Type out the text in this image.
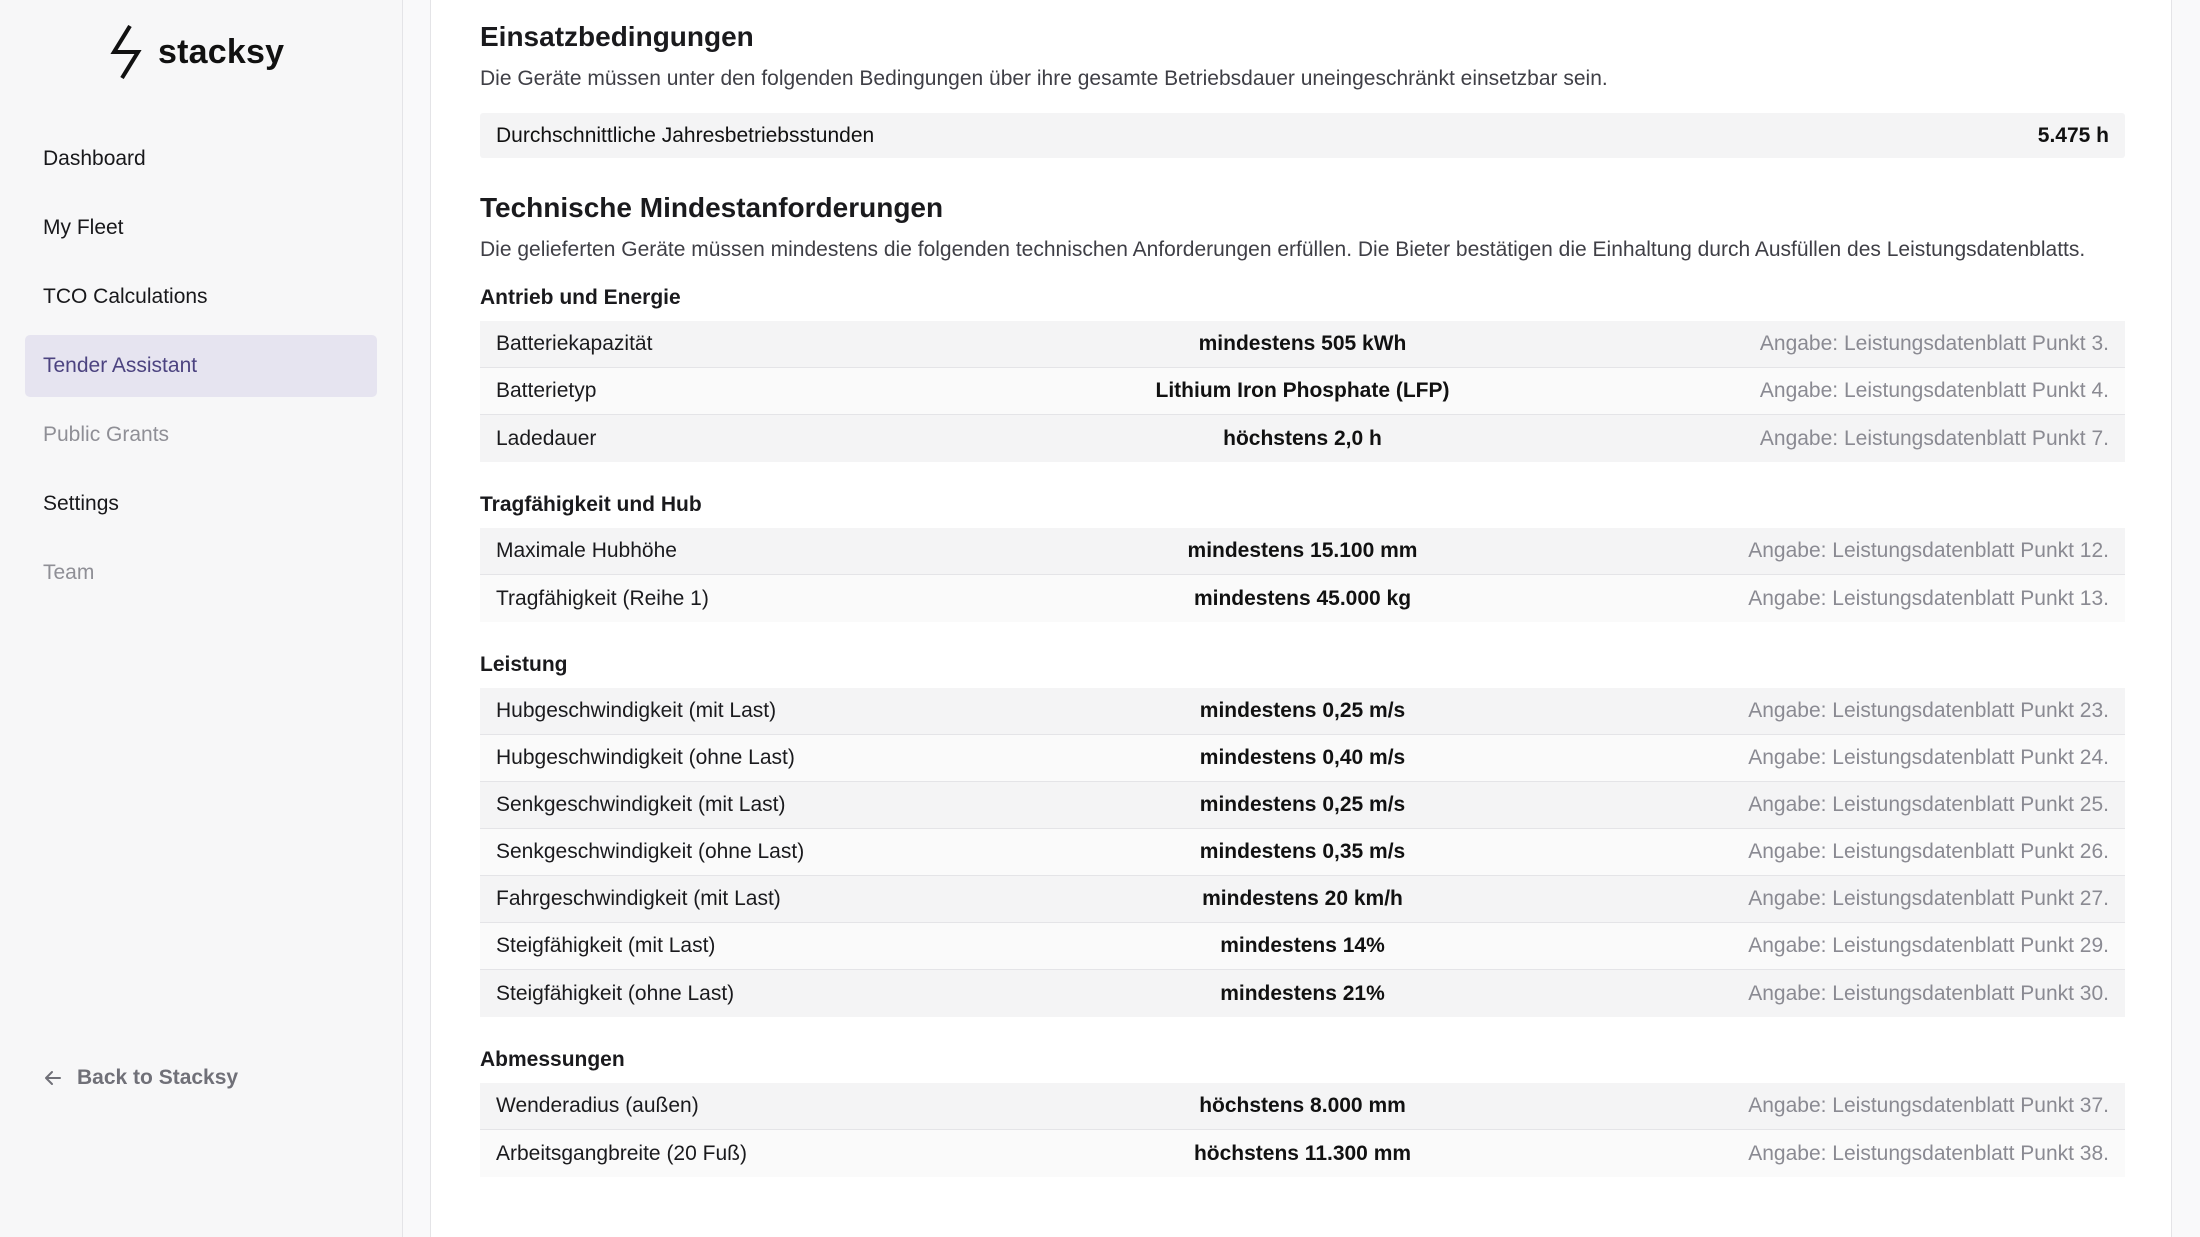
stacksy
Dashboard
My Fleet
TCO Calculations
Tender Assistant
Public Grants
Settings
Team
Back to Stacksy
Einsatzbedingungen

Die Geräte müssen unter den folgenden Bedingungen über ihre gesamte Betriebsdauer uneingeschränkt einsetzbar sein.

Durchschnittliche Jahresbetriebsstunden	5.475 h
Technische Mindestanforderungen

Die gelieferten Geräte müssen mindestens die folgenden technischen Anforderungen erfüllen. Die Bieter bestätigen die Einhaltung durch Ausfüllen des Leistungsdatenblatts.

Antrieb und Energie
Batteriekapazität	mindestens 505 kWh	Angabe: Leistungsdatenblatt Punkt 3.
Batterietyp	Lithium Iron Phosphate (LFP)	Angabe: Leistungsdatenblatt Punkt 4.
Ladedauer	höchstens 2,0 h	Angabe: Leistungsdatenblatt Punkt 7.
Tragfähigkeit und Hub
Maximale Hubhöhe	mindestens 15.100 mm	Angabe: Leistungsdatenblatt Punkt 12.
Tragfähigkeit (Reihe 1)	mindestens 45.000 kg	Angabe: Leistungsdatenblatt Punkt 13.
Leistung
Hubgeschwindigkeit (mit Last)	mindestens 0,25 m/s	Angabe: Leistungsdatenblatt Punkt 23.
Hubgeschwindigkeit (ohne Last)	mindestens 0,40 m/s	Angabe: Leistungsdatenblatt Punkt 24.
Senkgeschwindigkeit (mit Last)	mindestens 0,25 m/s	Angabe: Leistungsdatenblatt Punkt 25.
Senkgeschwindigkeit (ohne Last)	mindestens 0,35 m/s	Angabe: Leistungsdatenblatt Punkt 26.
Fahrgeschwindigkeit (mit Last)	mindestens 20 km/h	Angabe: Leistungsdatenblatt Punkt 27.
Steigfähigkeit (mit Last)	mindestens 14%	Angabe: Leistungsdatenblatt Punkt 29.
Steigfähigkeit (ohne Last)	mindestens 21%	Angabe: Leistungsdatenblatt Punkt 30.
Abmessungen
Wenderadius (außen)	höchstens 8.000 mm	Angabe: Leistungsdatenblatt Punkt 37.
Arbeitsgangbreite (20 Fuß)	höchstens 11.300 mm	Angabe: Leistungsdatenblatt Punkt 38.
